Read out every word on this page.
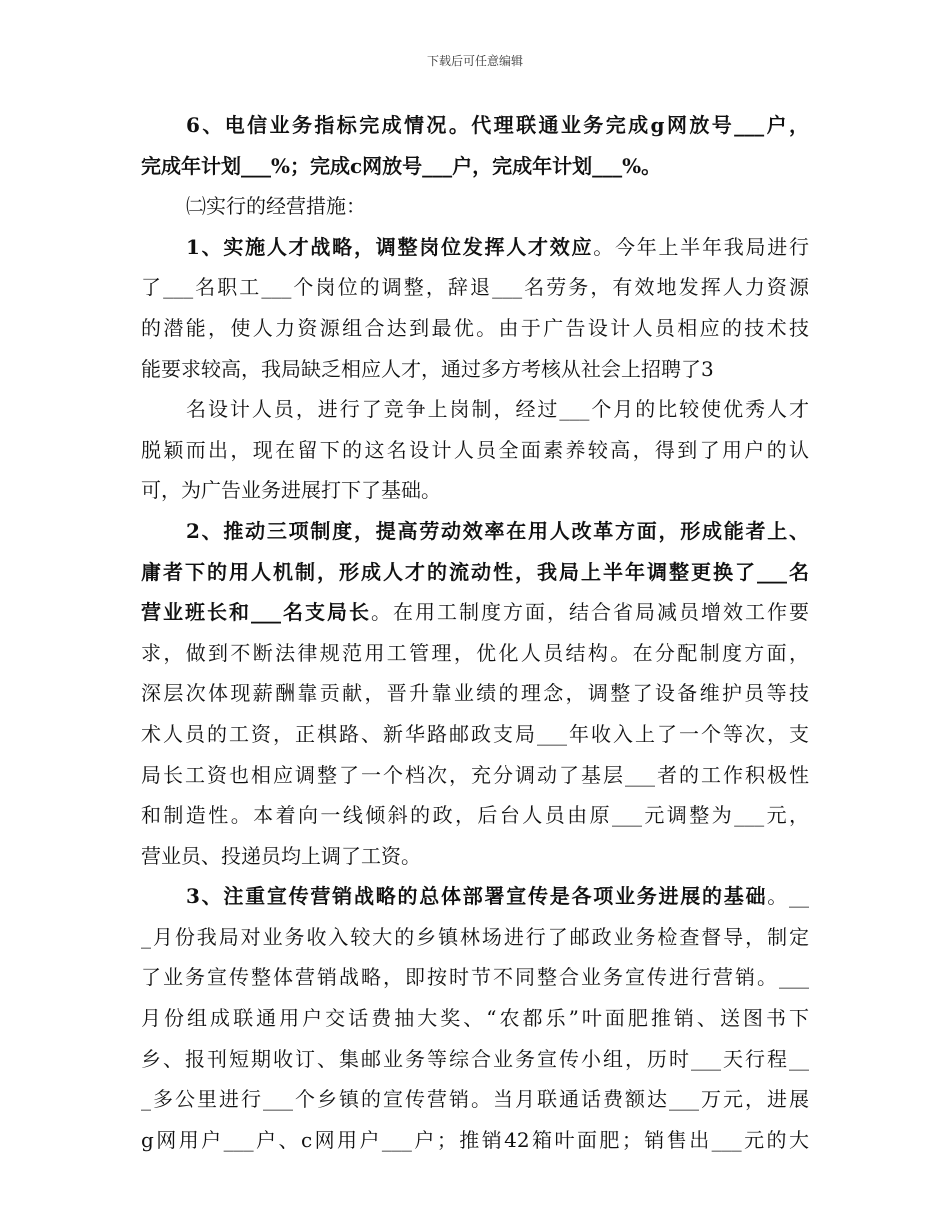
下载后可任意编辑
6、电信业务指标完成情况。代理联通业务完成g网放号___户，
完成年计划___%；完成c网放号___户，完成年计划___%。
㈡实行的经营措施：
1、实施人才战略，调整岗位发挥人才效应。今年上半年我局进行
了___名职工___个岗位的调整，辞退___名劳务，有效地发挥人力资源
的潜能，使人力资源组合达到最优。由于广告设计人员相应的技术技
能要求较高，我局缺乏相应人才，通过多方考核从社会上招聘了3
名设计人员，进行了竞争上岗制，经过___个月的比较使优秀人才
脱颖而出，现在留下的这名设计人员全面素养较高，得到了用户的认
可，为广告业务进展打下了基础。
2、推动三项制度，提高劳动效率在用人改革方面，形成能者上、
庸者下的用人机制，形成人才的流动性，我局上半年调整更换了___名
营业班长和___名支局长。在用工制度方面，结合省局减员增效工作要
求，做到不断法律规范用工管理，优化人员结构。在分配制度方面，
深层次体现薪酬靠贡献，晋升靠业绩的理念，调整了设备维护员等技
术人员的工资，正棋路、新华路邮政支局___年收入上了一个等次，支
局长工资也相应调整了一个档次，充分调动了基层___者的工作积极性
和制造性。本着向一线倾斜的政，后台人员由原___元调整为___元，
营业员、投递员均上调了工资。
3、注重宣传营销战略的总体部署宣传是各项业务进展的基础。__
_月份我局对业务收入较大的乡镇林场进行了邮政业务检查督导，制定
了业务宣传整体营销战略，即按时节不同整合业务宣传进行营销。___
月份组成联通用户交话费抽大奖、“农都乐”叶面肥推销、送图书下
乡、报刊短期收订、集邮业务等综合业务宣传小组，历时___天行程__
_多公里进行___个乡镇的宣传营销。当月联通话费额达___万元，进展
g网用户___户、c网用户___户；推销42箱叶面肥；销售出___元的大
